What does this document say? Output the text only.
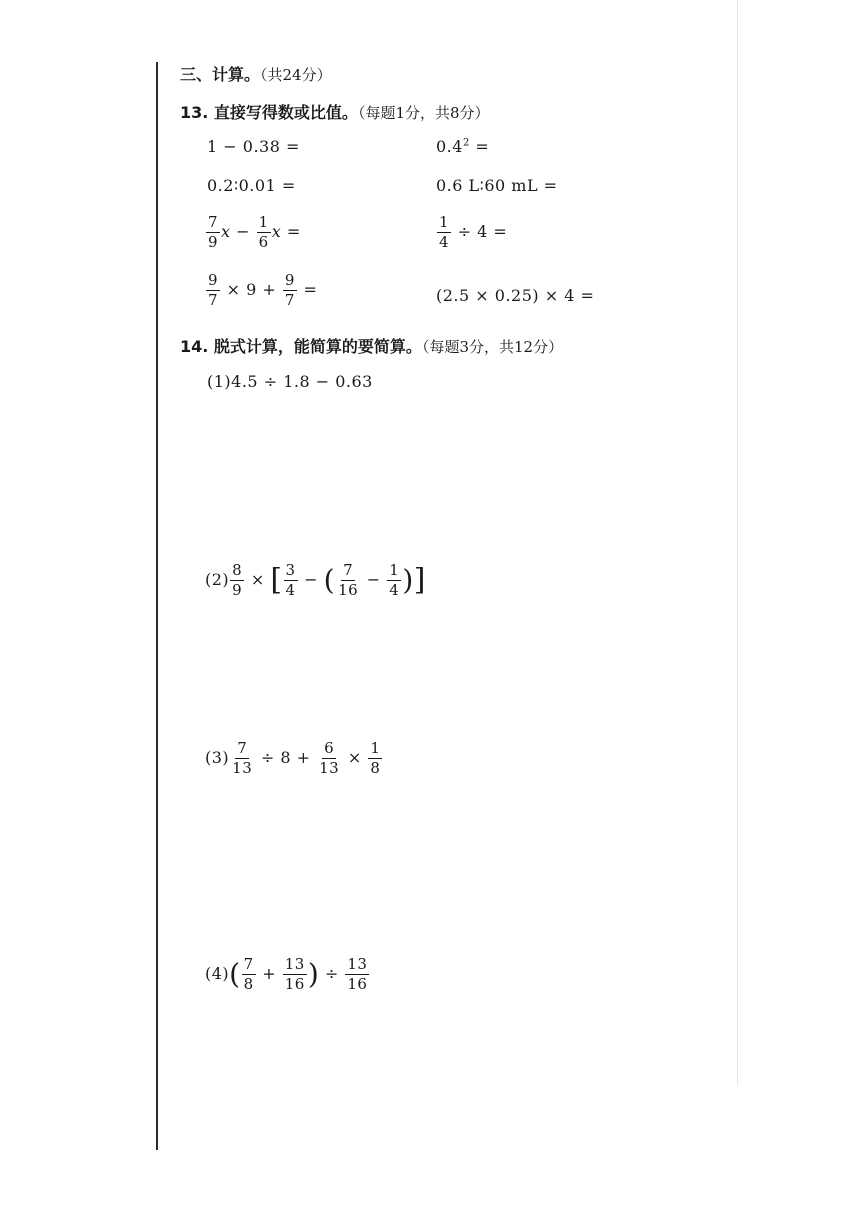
三、计算。（共24分）
13. 直接写得数或比值。（每题1分，共8分）
1 − 0.38 =	$0.4^2$ =
0.2∶0.01 =	0.6 L∶60 mL =
$\frac{7}{9}$ $x - \frac{1}{6}$ x =	$\frac{1}{4} \div 4$ =
$\frac{9}{7} \times 9 + \frac{9}{7}$ =	(2.5 × 0.25) × 4 =
14. 脱式计算，能简算的要简算。（每题3分，共12分）
(1)4.5 ÷ 1.8 − 0.63
$(2) \frac{8}{9}$ × [ $\frac{3}{4}$ − ( $\frac{7}{16} - \frac{1}{4}$ )]
$(3) \frac{7}{13} \div 8 + \frac{6}{13} \times \frac{1}{8}$
$(4)( \frac{7}{8} + \frac{13}{16}$ ) ÷ $\frac{13}{16}$
